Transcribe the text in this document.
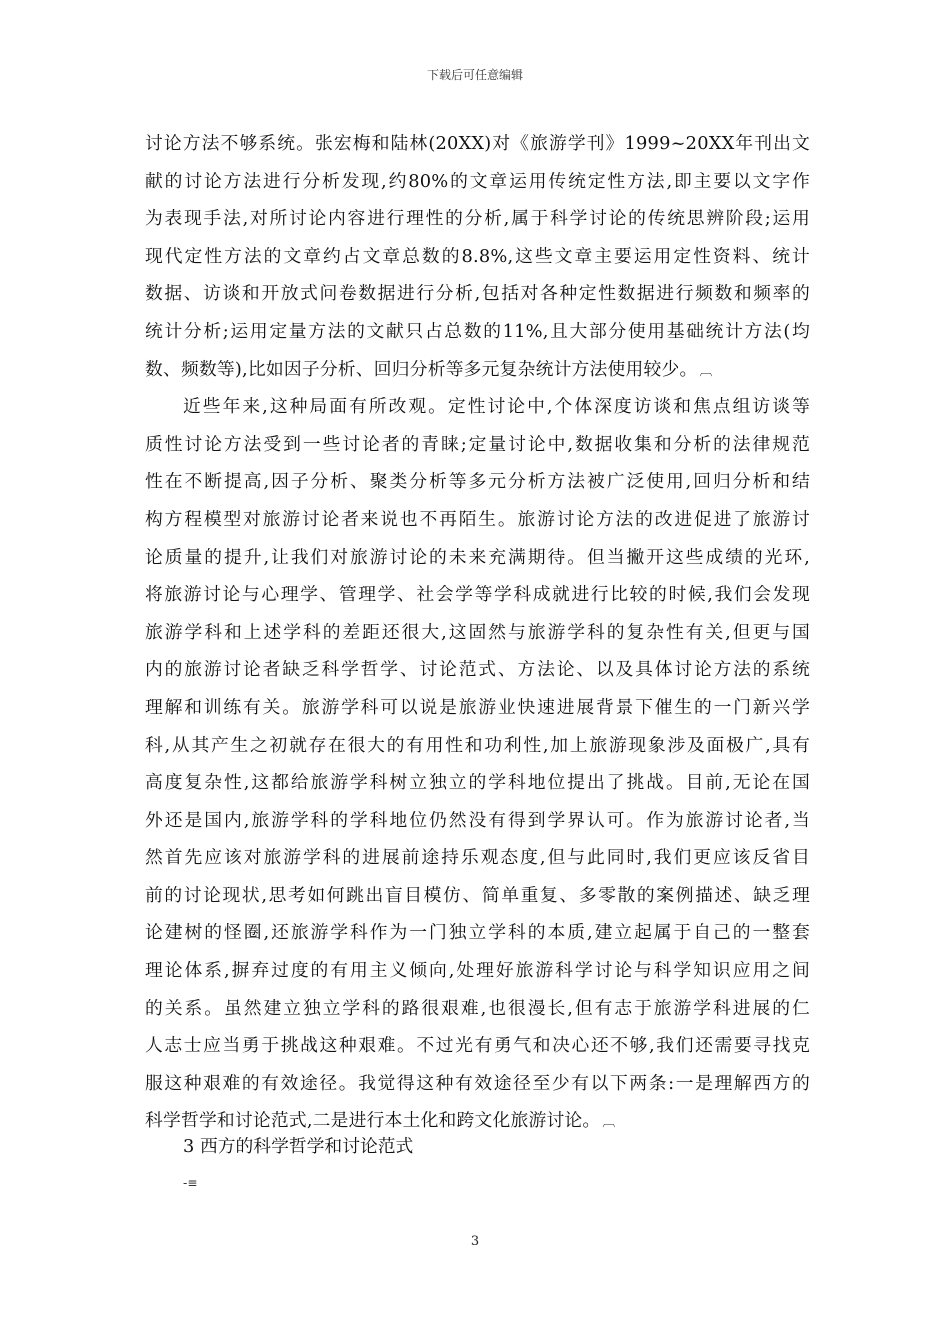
下载后可任意编辑
讨论方法不够系统。张宏梅和陆林(20XX)对《旅游学刊》1999~20XX年刊出文
献的讨论方法进行分析发现,约80%的文章运用传统定性方法,即主要以文字作
为表现手法,对所讨论内容进行理性的分析,属于科学讨论的传统思辨阶段;运用
现代定性方法的文章约占文章总数的8.8%,这些文章主要运用定性资料、统计
数据、访谈和开放式问卷数据进行分析,包括对各种定性数据进行频数和频率的
统计分析;运用定量方法的文献只占总数的11%,且大部分使用基础统计方法(均
数、频数等),比如因子分析、回归分析等多元复杂统计方法使用较少。 ︹
近些年来,这种局面有所改观。定性讨论中,个体深度访谈和焦点组访谈等
质性讨论方法受到一些讨论者的青睐;定量讨论中,数据收集和分析的法律规范
性在不断提高,因子分析、聚类分析等多元分析方法被广泛使用,回归分析和结
构方程模型对旅游讨论者来说也不再陌生。旅游讨论方法的改进促进了旅游讨
论质量的提升,让我们对旅游讨论的未来充满期待。但当撇开这些成绩的光环,
将旅游讨论与心理学、管理学、社会学等学科成就进行比较的时候,我们会发现
旅游学科和上述学科的差距还很大,这固然与旅游学科的复杂性有关,但更与国
内的旅游讨论者缺乏科学哲学、讨论范式、方法论、以及具体讨论方法的系统
理解和训练有关。旅游学科可以说是旅游业快速进展背景下催生的一门新兴学
科,从其产生之初就存在很大的有用性和功利性,加上旅游现象涉及面极广,具有
高度复杂性,这都给旅游学科树立独立的学科地位提出了挑战。目前,无论在国
外还是国内,旅游学科的学科地位仍然没有得到学界认可。作为旅游讨论者,当
然首先应该对旅游学科的进展前途持乐观态度,但与此同时,我们更应该反省目
前的讨论现状,思考如何跳出盲目模仿、简单重复、多零散的案例描述、缺乏理
论建树的怪圈,还旅游学科作为一门独立学科的本质,建立起属于自己的一整套
理论体系,摒弃过度的有用主义倾向,处理好旅游科学讨论与科学知识应用之间
的关系。虽然建立独立学科的路很艰难,也很漫长,但有志于旅游学科进展的仁
人志士应当勇于挑战这种艰难。不过光有勇气和决心还不够,我们还需要寻找克
服这种艰难的有效途径。我觉得这种有效途径至少有以下两条:一是理解西方的
科学哲学和讨论范式,二是进行本土化和跨文化旅游讨论。 ︹
3 西方的科学哲学和讨论范式
-≡
3
